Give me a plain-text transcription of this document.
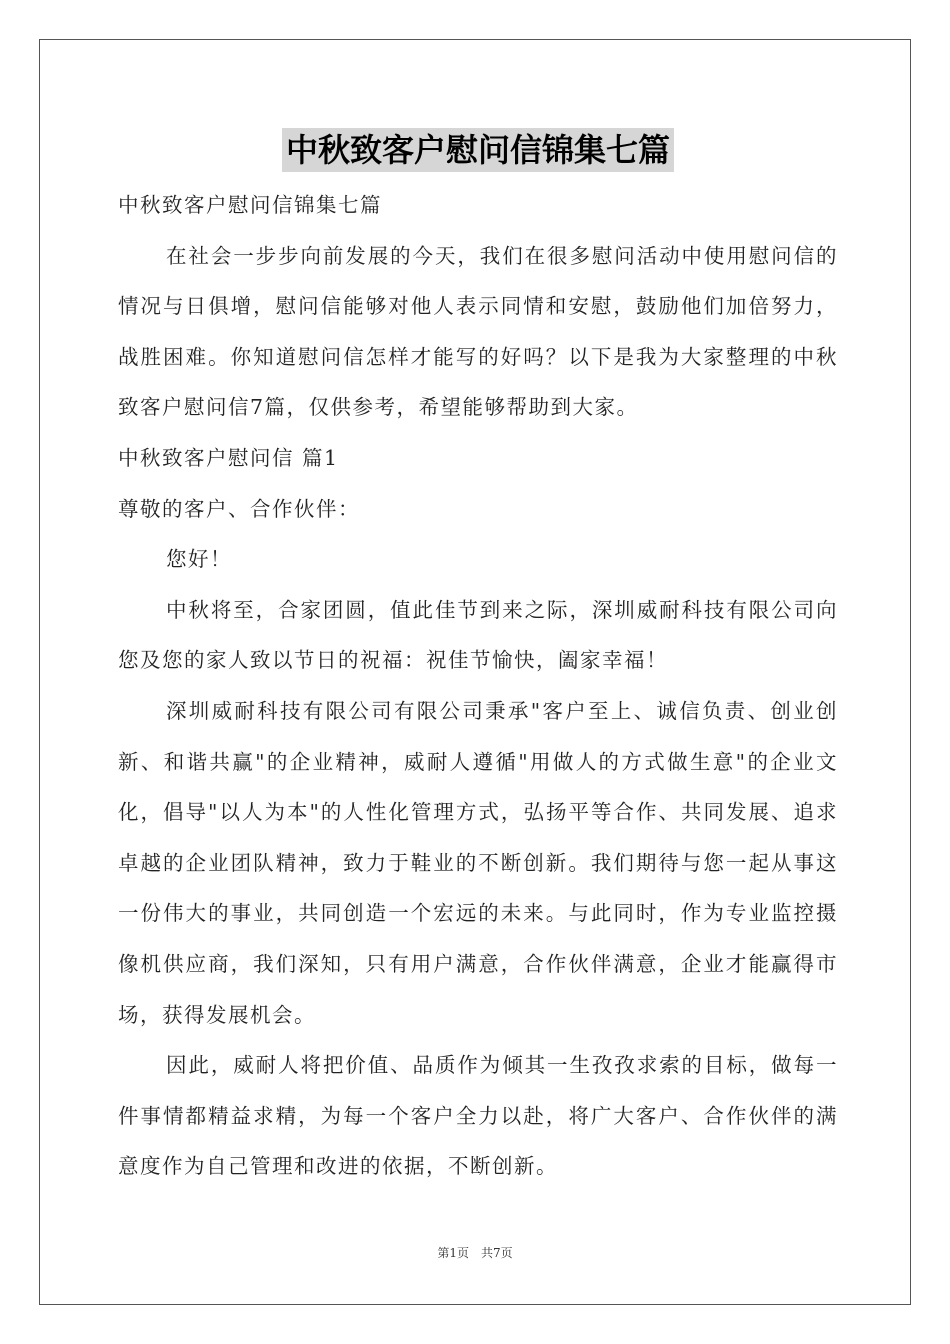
中秋致客户慰问信锦集七篇

中秋致客户慰问信锦集七篇

在社会一步步向前发展的今天，我们在很多慰问活动中使用慰问信的情况与日俱增，慰问信能够对他人表示同情和安慰，鼓励他们加倍努力，战胜困难。你知道慰问信怎样才能写的好吗？以下是我为大家整理的中秋致客户慰问信7篇，仅供参考，希望能够帮助到大家。

中秋致客户慰问信 篇1

尊敬的客户、合作伙伴：

您好！

中秋将至，合家团圆，值此佳节到来之际，深圳威耐科技有限公司向您及您的家人致以节日的祝福：祝佳节愉快，阖家幸福！

深圳威耐科技有限公司有限公司秉承"客户至上、诚信负责、创业创新、和谐共赢"的企业精神，威耐人遵循"用做人的方式做生意"的企业文化，倡导"以人为本"的人性化管理方式，弘扬平等合作、共同发展、追求卓越的企业团队精神，致力于鞋业的不断创新。我们期待与您一起从事这一份伟大的事业，共同创造一个宏远的未来。与此同时，作为专业监控摄像机供应商，我们深知，只有用户满意，合作伙伴满意，企业才能赢得市场，获得发展机会。

因此，威耐人将把价值、品质作为倾其一生孜孜求索的目标，做每一件事情都精益求精，为每一个客户全力以赴，将广大客户、合作伙伴的满意度作为自己管理和改进的依据，不断创新。

第1页 共7页
